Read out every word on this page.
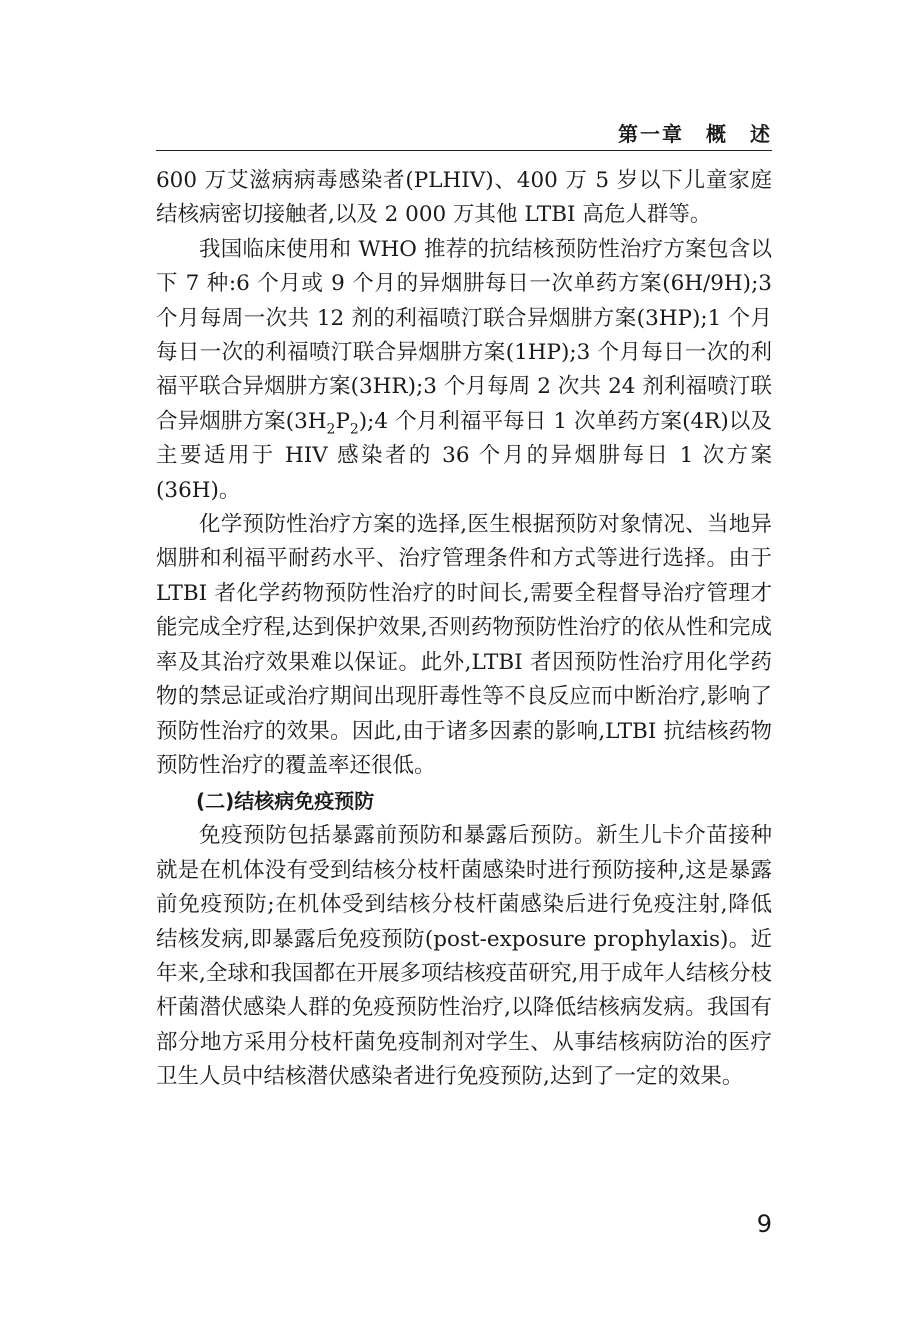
第一章　概　述

600 万艾滋病病毒感染者(PLHIV)、400 万 5 岁以下儿童家庭结核病密切接触者,以及 2 000 万其他 LTBI 高危人群等。

我国临床使用和 WHO 推荐的抗结核预防性治疗方案包含以下 7 种:6 个月或 9 个月的异烟肼每日一次单药方案(6H/9H);3 个月每周一次共 12 剂的利福喷汀联合异烟肼方案(3HP);1 个月每日一次的利福喷汀联合异烟肼方案(1HP);3 个月每日一次的利福平联合异烟肼方案(3HR);3 个月每周 2 次共 24 剂利福喷汀联合异烟肼方案$(3H_2P_2);4$ 个月利福平每日 1 次单药方案(4R)以及主要适用于 HIV 感染者的 36 个月的异烟肼每日 1 次方案(36H)。

化学预防性治疗方案的选择,医生根据预防对象情况、当地异烟肼和利福平耐药水平、治疗管理条件和方式等进行选择。由于 LTBI 者化学药物预防性治疗的时间长,需要全程督导治疗管理才能完成全疗程,达到保护效果,否则药物预防性治疗的依从性和完成率及其治疗效果难以保证。此外,LTBI 者因预防性治疗用化学药物的禁忌证或治疗期间出现肝毒性等不良反应而中断治疗,影响了预防性治疗的效果。因此,由于诸多因素的影响,LTBI 抗结核药物预防性治疗的覆盖率还很低。

(二)结核病免疫预防

免疫预防包括暴露前预防和暴露后预防。新生儿卡介苗接种就是在机体没有受到结核分枝杆菌感染时进行预防接种,这是暴露前免疫预防;在机体受到结核分枝杆菌感染后进行免疫注射,降低结核发病,即暴露后免疫预防(post-exposure prophylaxis)。近年来,全球和我国都在开展多项结核疫苗研究,用于成年人结核分枝杆菌潜伏感染人群的免疫预防性治疗,以降低结核病发病。我国有部分地方采用分枝杆菌免疫制剂对学生、从事结核病防治的医疗卫生人员中结核潜伏感染者进行免疫预防,达到了一定的效果。

9
